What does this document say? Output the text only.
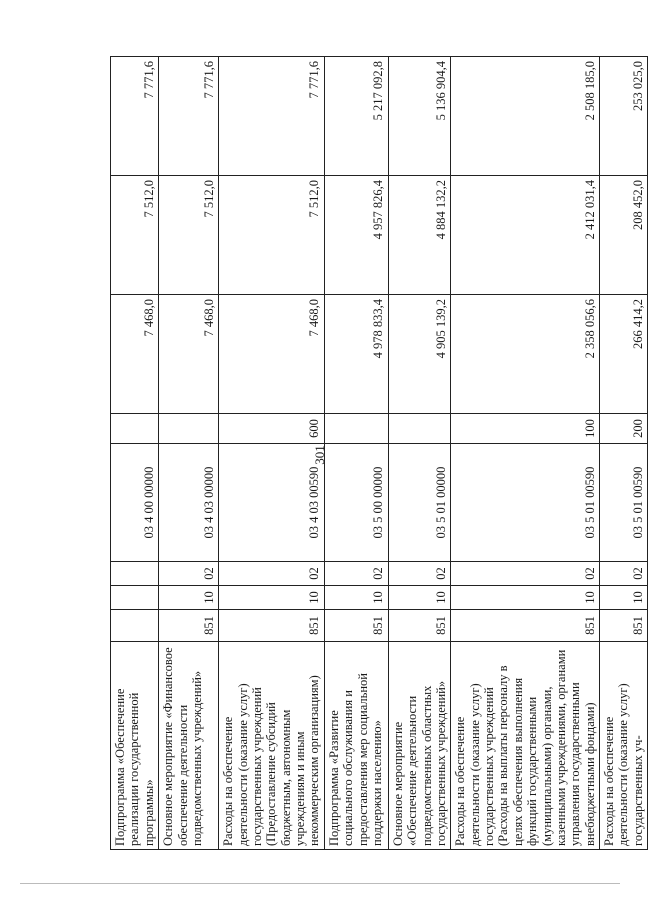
301
Подпрограмма «Обеспечение реализации государственной программы»				03 4 00 00000		7 468,0	7 512,0	7 771,6
Основное мероприятие «Финансовое обеспечение деятельности подведомственных учреждений»	851	10	02	03 4 03 00000		7 468,0	7 512,0	7 771,6
Расходы на обеспечение деятельности (оказание услуг) государственных учреждений (Предоставление субсидий бюджетным, автономным учреждениям и иным некоммерческим организациям)	851	10	02	03 4 03 00590	600	7 468,0	7 512,0	7 771,6
Подпрограмма «Развитие социального обслуживания и предоставления мер социальной поддержки населению»	851	10	02	03 5 00 00000		4 978 833,4	4 957 826,4	5 217 092,8
Основное мероприятие «Обеспечение деятельности подведомственных областных государственных учреждений»	851	10	02	03 5 01 00000		4 905 139,2	4 884 132,2	5 136 904,4
Расходы на обеспечение деятельности (оказание услуг) государственных учреждений (Расходы на выплаты персоналу в целях обеспечения выполнения функций государственными (муниципальными) органами, казенными учреждениями, органами управления государственными внебюджетными фондами)	851	10	02	03 5 01 00590	100	2 358 056,6	2 412 031,4	2 508 185,0
Расходы на обеспечение деятельности (оказание услуг) государственных уч-	851	10	02	03 5 01 00590	200	266 414,2	208 452,0	253 025,0
